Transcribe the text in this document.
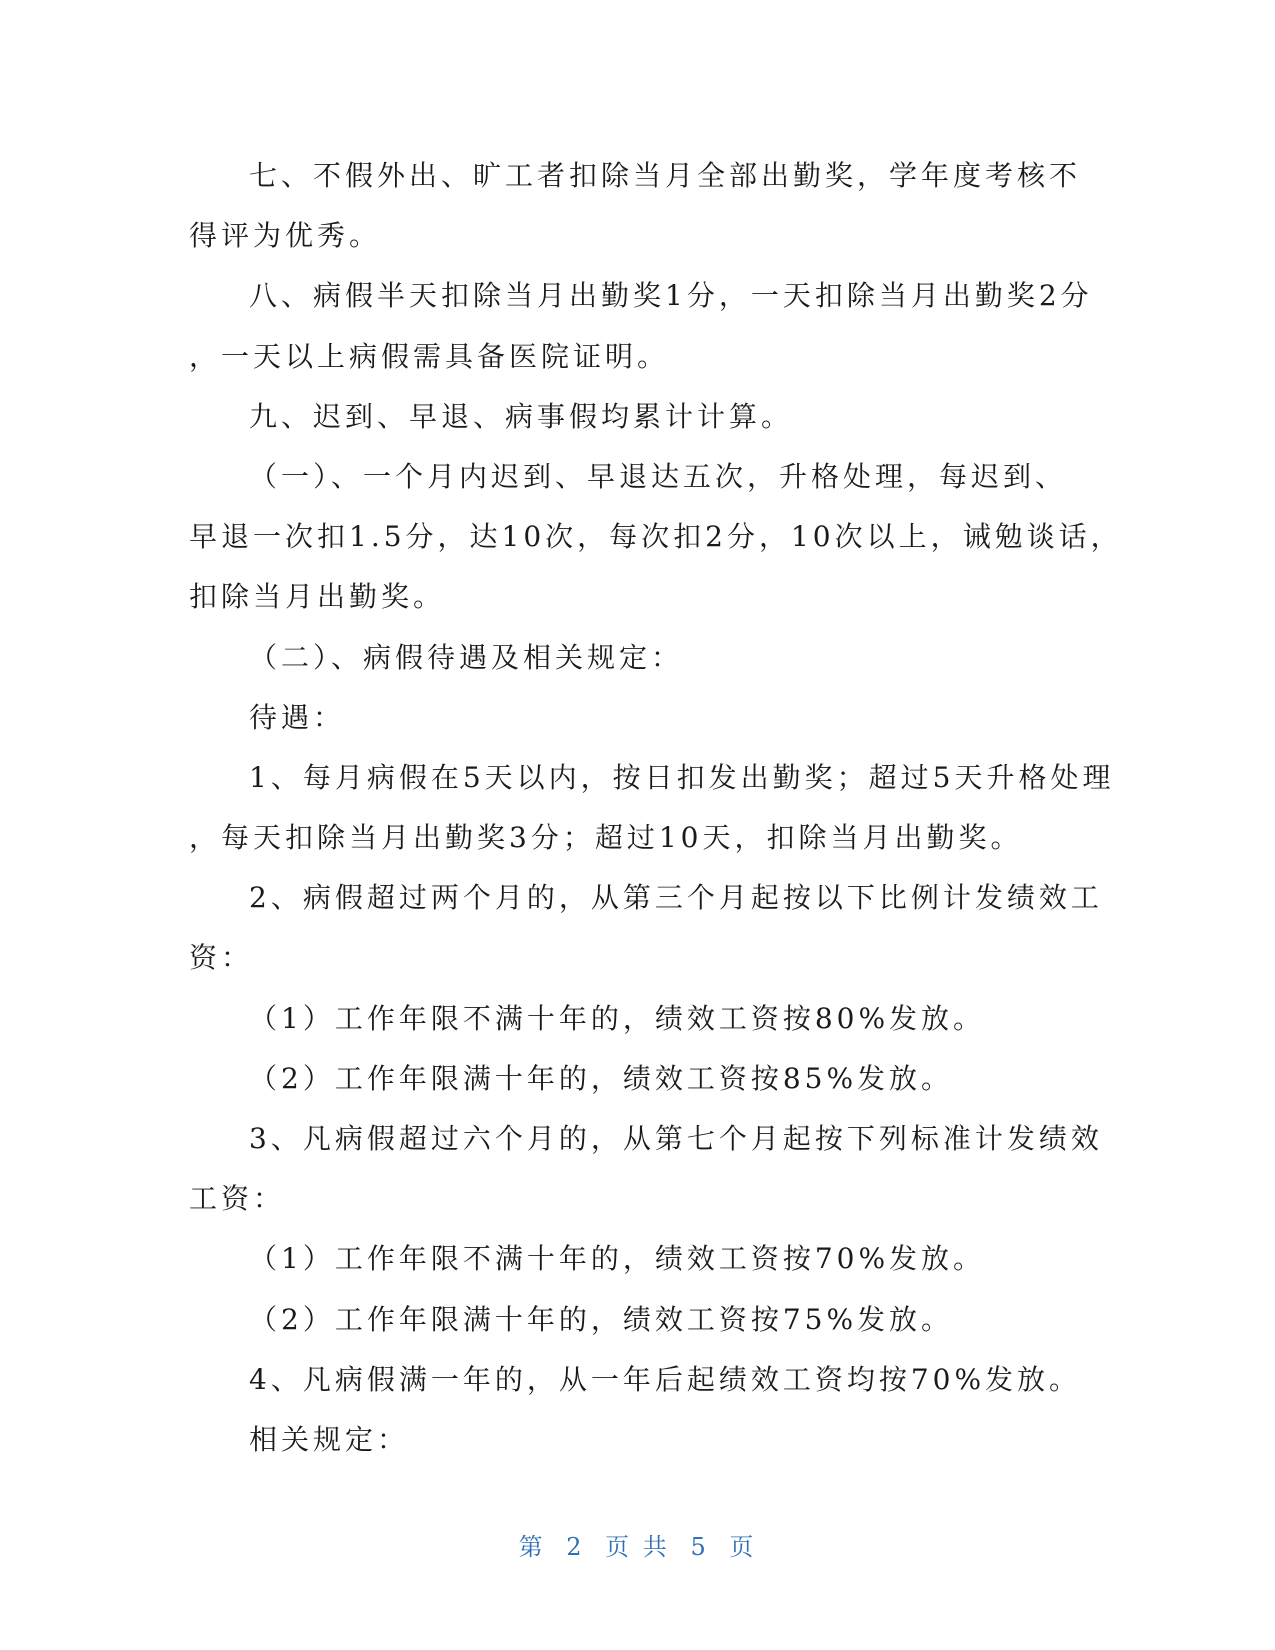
七、不假外出、旷工者扣除当月全部出勤奖，学年度考核不
得评为优秀。
八、病假半天扣除当月出勤奖1分，一天扣除当月出勤奖2分
，一天以上病假需具备医院证明。
九、迟到、早退、病事假均累计计算。
（一）、一个月内迟到、早退达五次，升格处理，每迟到、
早退一次扣1.5分，达10次，每次扣2分，10次以上，诫勉谈话，
扣除当月出勤奖。
（二）、病假待遇及相关规定：
待遇：
1、每月病假在5天以内，按日扣发出勤奖；超过5天升格处理
，每天扣除当月出勤奖3分；超过10天，扣除当月出勤奖。
2、病假超过两个月的，从第三个月起按以下比例计发绩效工
资：
（1）工作年限不满十年的，绩效工资按80%发放。
（2）工作年限满十年的，绩效工资按85%发放。
3、凡病假超过六个月的，从第七个月起按下列标准计发绩效
工资：
（1）工作年限不满十年的，绩效工资按70%发放。
（2）工作年限满十年的，绩效工资按75%发放。
4、凡病假满一年的，从一年后起绩效工资均按70%发放。
相关规定：
第 2 页 共 5 页
